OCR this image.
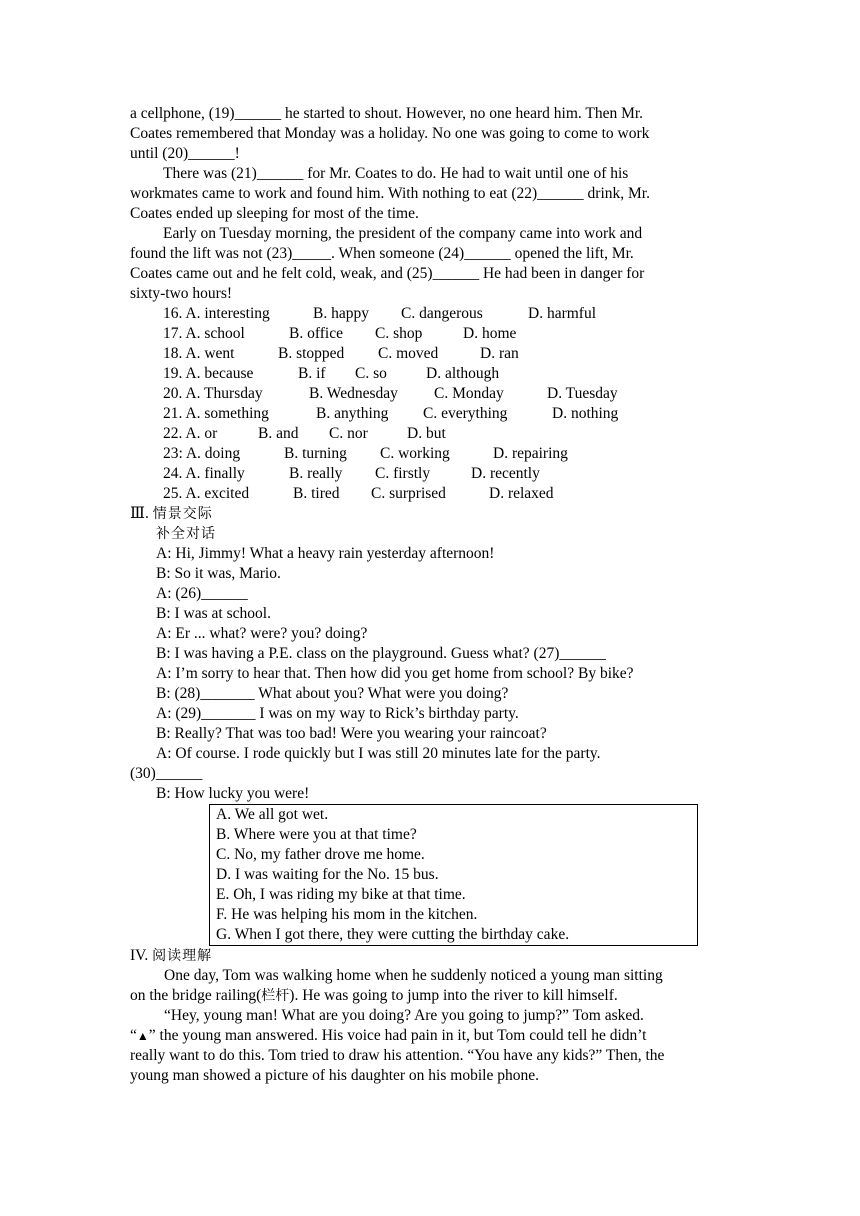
a cellphone, (19)______ he started to shout. However, no one heard him. Then Mr.
Coates remembered that Monday was a holiday. No one was going to come to work
until (20)______!
There was (21)______ for Mr. Coates to do. He had to wait until one of his
workmates came to work and found him. With nothing to eat (22)______ drink, Mr.
Coates ended up sleeping for most of the time.
Early on Tuesday morning, the president of the company came into work and
found the lift was not (23)_____. When someone (24)______ opened the lift, Mr.
Coates came out and he felt cold, weak, and (25)______ He had been in danger for
sixty-two hours!
16. A. interesting	B. happy C. dangerous	D. harmful
17. A. school	B. office C. shop	D. home
18. A. went	B. stopped C. moved	D. ran
19. A. because	B. if C. so	D. although
20. A. Thursday	B. Wednesday C. Monday	D. Tuesday
21. A. something	B. anything C. everything	D. nothing
22. A. or	B. and C. nor	D. but
23: A. doing	B. turning C. working	D. repairing
24. A. finally	B. really C. firstly	D. recently
25. A. excited	B. tired C. surprised	D. relaxed
Ⅲ. 情景交际
补全对话
A: Hi, Jimmy! What a heavy rain yesterday afternoon!
B: So it was, Mario.
A: (26)______
B: I was at school.
A: Er ... what? were? you? doing?
B: I was having a P.E. class on the playground. Guess what? (27)______
A: I’m sorry to hear that. Then how did you get home from school? By bike?
B: (28)_______ What about you? What were you doing?
A: (29)_______ I was on my way to Rick’s birthday party.
B: Really? That was too bad! Were you wearing your raincoat?
A: Of course. I rode quickly but I was still 20 minutes late for the party.
(30)______
B: How lucky you were!
A. We all got wet.
B. Where were you at that time?
C. No, my father drove me home.
D. I was waiting for the No. 15 bus.
E. Oh, I was riding my bike at that time.
F. He was helping his mom in the kitchen.
G. When I got there, they were cutting the birthday cake.
IV. 阅读理解
One day, Tom was walking home when he suddenly noticed a young man sitting
on the bridge railing(栏杆). He was going to jump into the river to kill himself.
“Hey, young man! What are you doing? Are you going to jump?” Tom asked.
“▲” the young man answered. His voice had pain in it, but Tom could tell he didn’t
really want to do this. Tom tried to draw his attention. “You have any kids?” Then, the
young man showed a picture of his daughter on his mobile phone.
